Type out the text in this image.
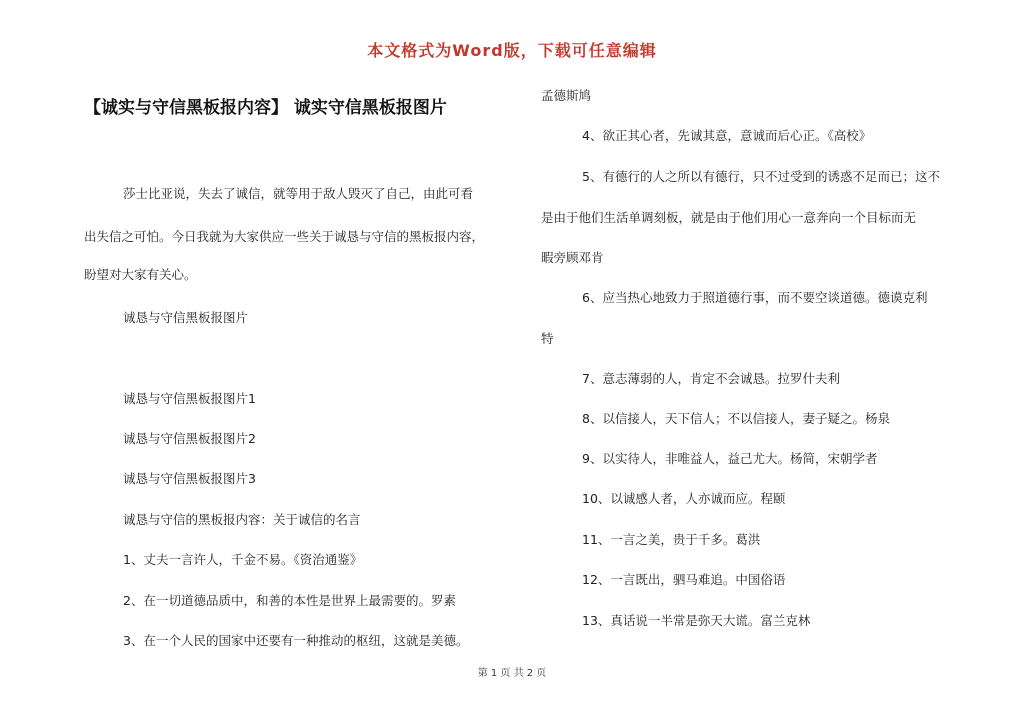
本文格式为Word版，下载可任意编辑
【诚实与守信黑板报内容】 诚实守信黑板报图片
莎士比亚说，失去了诚信，就等用于敌人毁灭了自己，由此可看
出失信之可怕。今日我就为大家供应一些关于诚恳与守信的黑板报内容，
盼望对大家有关心。
诚恳与守信黑板报图片
诚恳与守信黑板报图片1
诚恳与守信黑板报图片2
诚恳与守信黑板报图片3
诚恳与守信的黑板报内容：关于诚信的名言
1、丈夫一言许人，千金不易。《资治通鉴》
2、在一切道德品质中，和善的本性是世界上最需要的。罗素
3、在一个人民的国家中还要有一种推动的枢纽，这就是美德。
孟德斯鸠
4、欲正其心者，先诚其意，意诚而后心正。《高校》
5、有德行的人之所以有德行，只不过受到的诱惑不足而已；这不
是由于他们生活单调刻板，就是由于他们用心一意奔向一个目标而无
暇旁顾邓肯
6、应当热心地致力于照道德行事，而不要空谈道德。德谟克利
特
7、意志薄弱的人，肯定不会诚恳。拉罗什夫利
8、以信接人，天下信人；不以信接人，妻子疑之。杨泉
9、以实待人，非唯益人，益己尤大。杨简，宋朝学者
10、以诚感人者，人亦诚而应。程颐
11、一言之美，贵于千多。葛洪
12、一言既出，驷马难追。中国俗语
13、真话说一半常是弥天大谎。富兰克林
第 1 页 共 2 页
